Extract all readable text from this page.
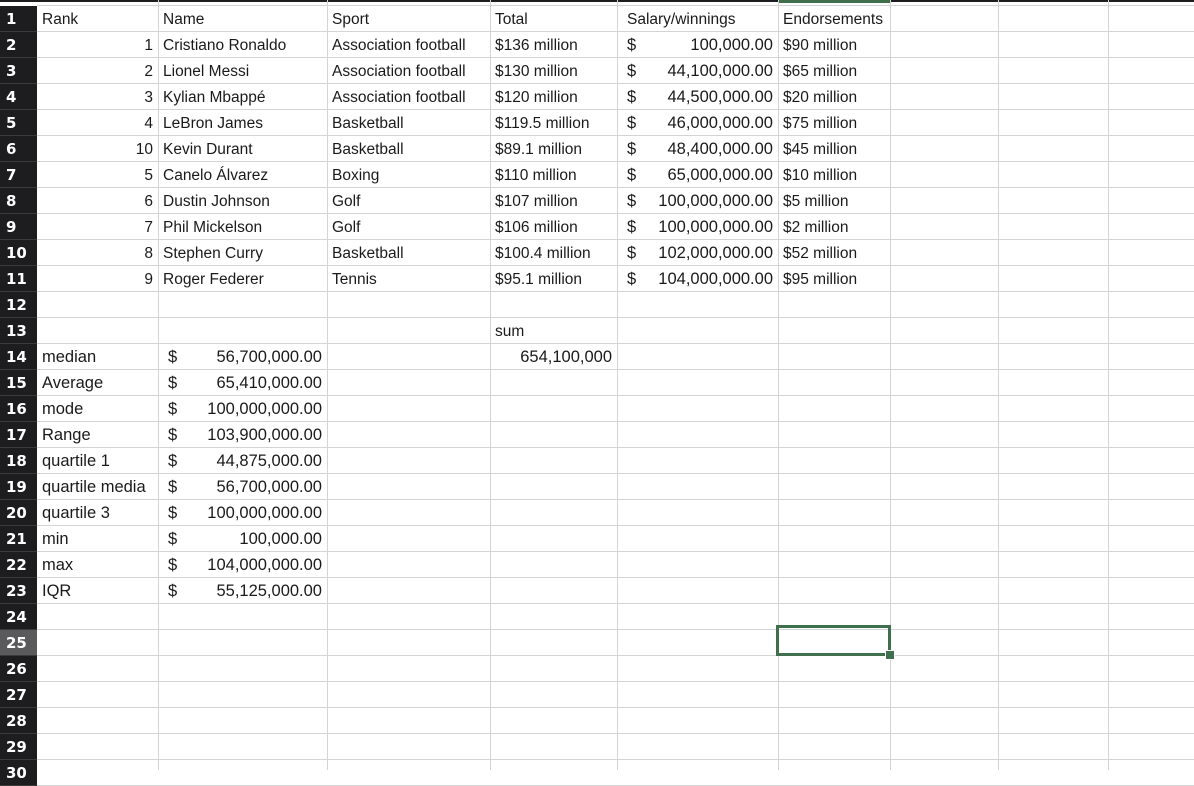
1
2
3
4
5
6
7
8
9
10
11
12
13
14
15
16
17
18
19
20
21
22
23
24
25
26
27
28
29
30
Rank	Name	Sport	Total	Salary/winnings	Endorsements
1 Cristiano Ronaldo	Association football	$136 million	$	100,000.00 $90 million
2 Lionel Messi	Association football	$130 million	$ 44,100,000.00 $65 million
3 Kylian Mbappé	Association football	$120 million	$ 44,500,000.00 $20 million
4 LeBron James	Basketball	$119.5 million	$ 46,000,000.00 $75 million
10 Kevin Durant	Basketball	$89.1 million	$ 48,400,000.00 $45 million
5 Canelo Álvarez	Boxing	$110 million	$ 65,000,000.00 $10 million
6 Dustin Johnson	Golf	$107 million	$ 100,000,000.00 $5 million
7 Phil Mickelson	Golf	$106 million	$ 100,000,000.00 $2 million
8 Stephen Curry	Basketball	$100.4 million	$ 102,000,000.00 $52 million
9 Roger Federer	Tennis	$95.1 million	$ 104,000,000.00 $95 million
sum
654,100,000
median	$ 56,700,000.00
Average	$ 65,410,000.00
mode	$ 100,000,000.00
Range	$ 103,900,000.00
quartile 1	$ 44,875,000.00
quartile media	$ 56,700,000.00
quartile 3	$ 100,000,000.00
min	$	100,000.00
max	$ 104,000,000.00
IQR	$ 55,125,000.00
